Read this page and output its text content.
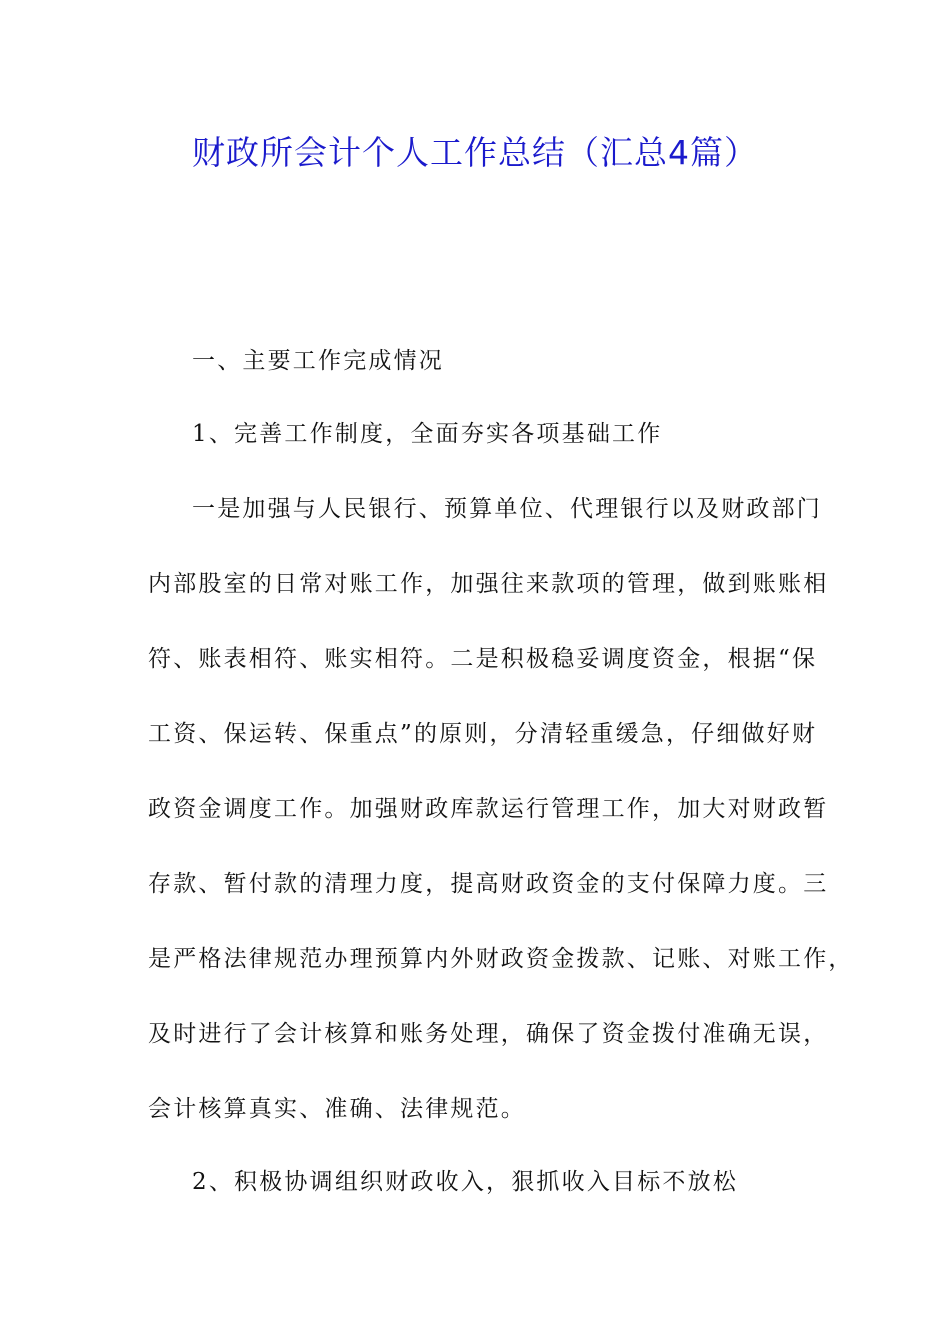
财政所会计个人工作总结（汇总4篇）
一、主要工作完成情况
1、完善工作制度，全面夯实各项基础工作
一是加强与人民银行、预算单位、代理银行以及财政部门
内部股室的日常对账工作，加强往来款项的管理，做到账账相
符、账表相符、账实相符。二是积极稳妥调度资金，根据“保
工资、保运转、保重点”的原则，分清轻重缓急，仔细做好财
政资金调度工作。加强财政库款运行管理工作，加大对财政暂
存款、暂付款的清理力度，提高财政资金的支付保障力度。三
是严格法律规范办理预算内外财政资金拨款、记账、对账工作，
及时进行了会计核算和账务处理，确保了资金拨付准确无误，
会计核算真实、准确、法律规范。
2、积极协调组织财政收入，狠抓收入目标不放松
